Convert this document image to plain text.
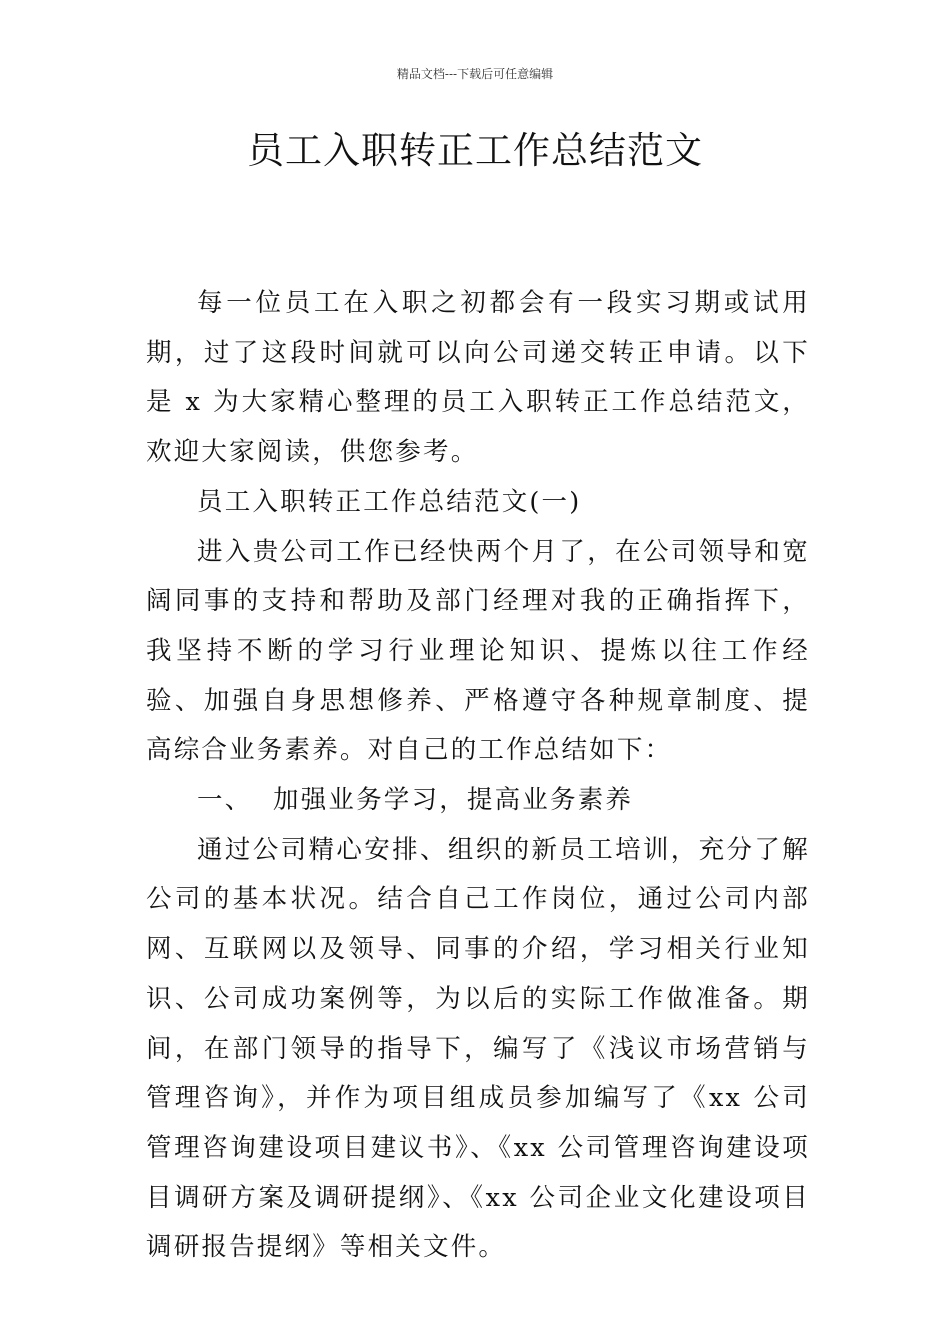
精品文档---下载后可任意编辑
员工入职转正工作总结范文

每一位员工在入职之初都会有一段实习期或试用期，过了这段时间就可以向公司递交转正申请。以下是 x 为大家精心整理的员工入职转正工作总结范文，欢迎大家阅读，供您参考。

员工入职转正工作总结范文(一)

进入贵公司工作已经快两个月了，在公司领导和宽阔同事的支持和帮助及部门经理对我的正确指挥下，我坚持不断的学习行业理论知识、提炼以往工作经验、加强自身思想修养、严格遵守各种规章制度、提高综合业务素养。对自己的工作总结如下：

一、  加强业务学习，提高业务素养

通过公司精心安排、组织的新员工培训，充分了解公司的基本状况。结合自己工作岗位，通过公司内部网、互联网以及领导、同事的介绍，学习相关行业知识、公司成功案例等，为以后的实际工作做准备。期间，在部门领导的指导下，编写了《浅议市场营销与管理咨询》，并作为项目组成员参加编写了《xx 公司管理咨询建设项目建议书》、《xx 公司管理咨询建设项目调研方案及调研提纲》、《xx 公司企业文化建设项目调研报告提纲》等相关文件。
